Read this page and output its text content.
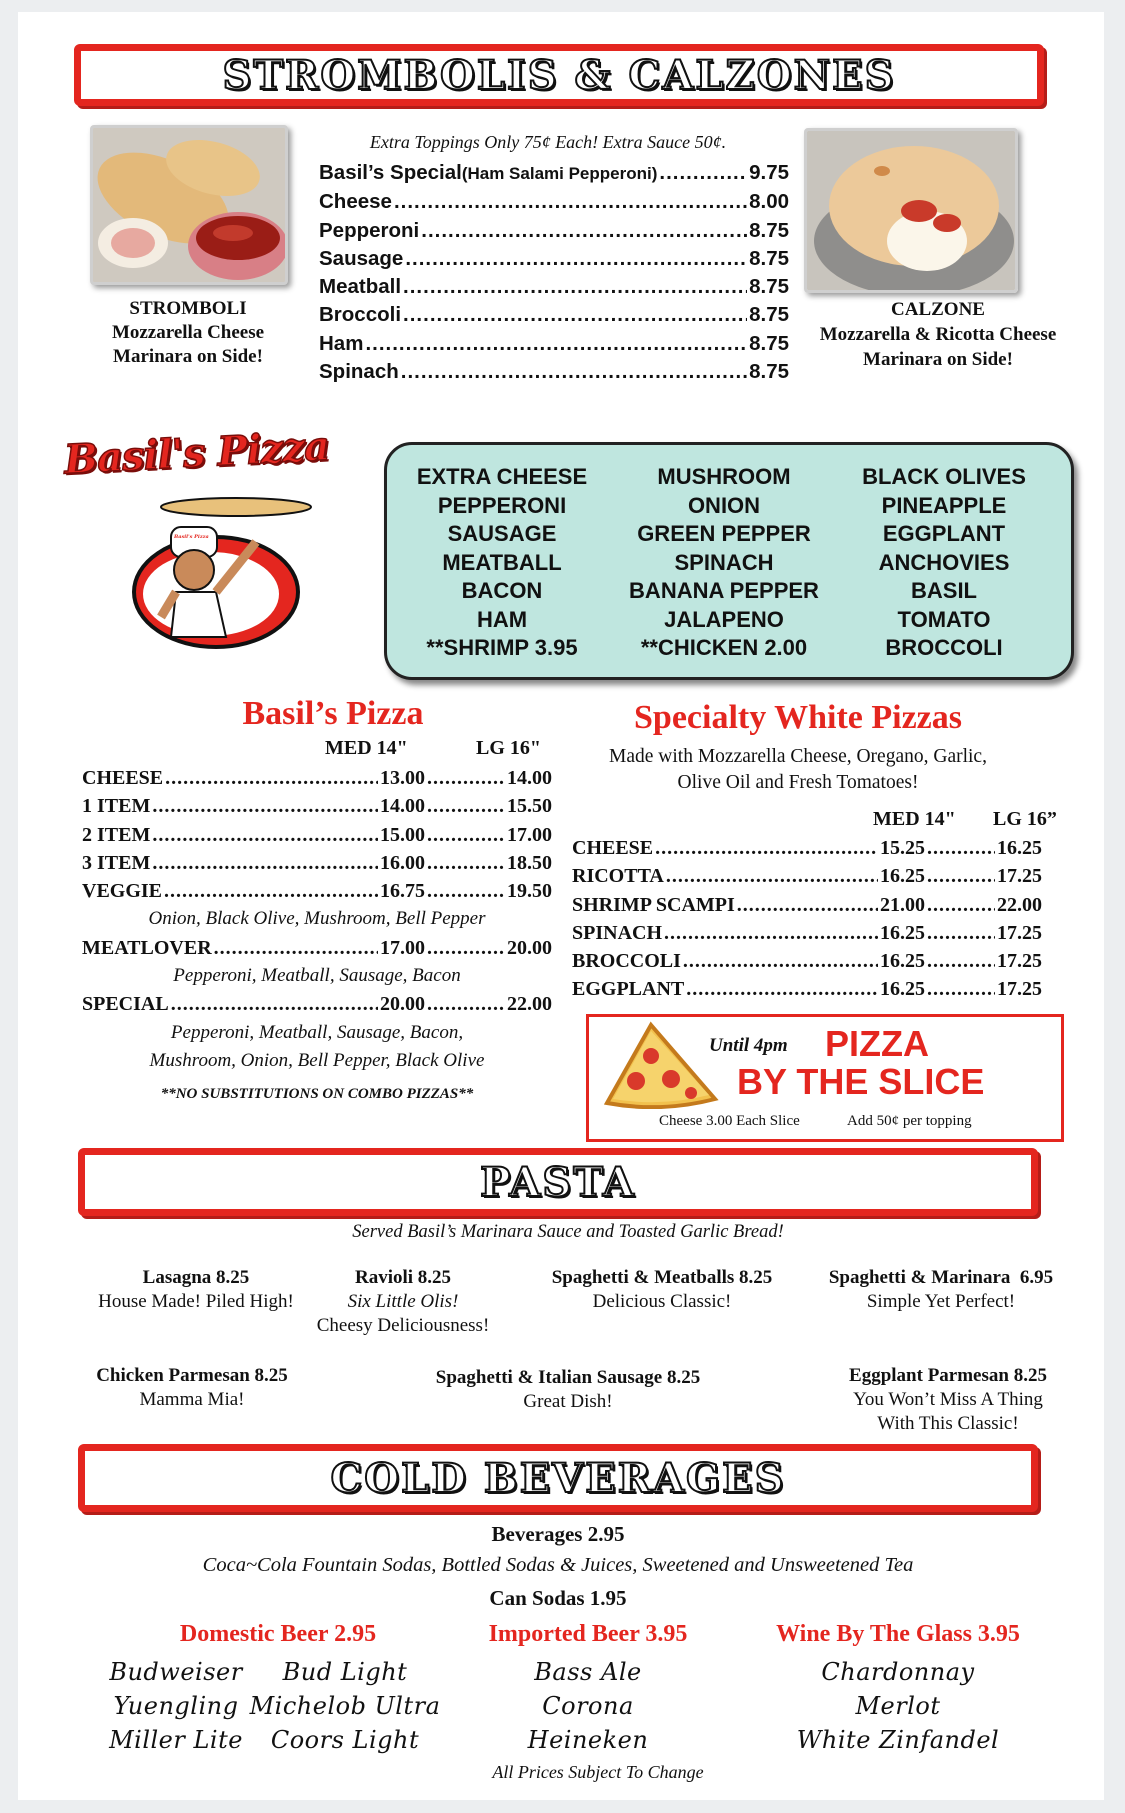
STROMBOLIS & CALZONES
STROMBOLI
Mozzarella Cheese
Marinara on Side!
CALZONE
Mozzarella & Ricotta Cheese
Marinara on Side!
Extra Toppings Only 75¢ Each! Extra Sauce 50¢.
Basil’s Special (Ham Salami Pepperoni) .....	9.75
Cheese .....	8.00
Pepperoni .....	8.75
Sausage .....	8.75
Meatball .....	8.75
Broccoli .....	8.75
Ham .....	8.75
Spinach .....	8.75
Basil's Pizza
Basil's Pizza
EXTRA CHEESE
PEPPERONI
SAUSAGE
MEATBALL
BACON
HAM
**SHRIMP 3.95
MUSHROOM
ONION
GREEN PEPPER
SPINACH
BANANA PEPPER
JALAPENO
**CHICKEN 2.00
BLACK OLIVES
PINEAPPLE
EGGPLANT
ANCHOVIES
BASIL
TOMATO
BROCCOLI
Basil’s Pizza
MED 14"	LG 16"
CHEESE .....	13.00 .....	14.00
1 ITEM .....	14.00 .....	15.50
2 ITEM .....	15.00 .....	17.00
3 ITEM .....	16.00 .....	18.50
VEGGIE .....	16.75 .....	19.50
Onion, Black Olive, Mushroom, Bell Pepper
MEATLOVER .....	17.00 .....	20.00
Pepperoni, Meatball, Sausage, Bacon
SPECIAL .....	20.00 .....	22.00
Pepperoni, Meatball, Sausage, Bacon,
Mushroom, Onion, Bell Pepper, Black Olive
**NO SUBSTITUTIONS ON COMBO PIZZAS**
Specialty White Pizzas
Made with Mozzarella Cheese, Oregano, Garlic,
Olive Oil and Fresh Tomatoes!
MED 14" LG 16”
CHEESE .....	15.25 .....	16.25
RICOTTA .....	16.25 .....	17.25
SHRIMP SCAMPI .....	21.00 .....	22.00
SPINACH .....	16.25 .....	17.25
BROCCOLI .....	16.25 .....	17.25
EGGPLANT .....	16.25 .....	17.25
Until 4pm PIZZA
BY THE SLICE
Cheese 3.00 Each Slice	Add 50¢ per topping
PASTA
Served Basil’s Marinara Sauce and Toasted Garlic Bread!
Lasagna 8.25
House Made! Piled High!
Ravioli 8.25
Six Little Olis!
Cheesy Deliciousness!
Spaghetti & Meatballs 8.25
Delicious Classic!
Spaghetti & Marinara  6.95
Simple Yet Perfect!
Chicken Parmesan 8.25
Mamma Mia!
Spaghetti & Italian Sausage 8.25
Great Dish!
Eggplant Parmesan 8.25
You Won’t Miss A Thing
With This Classic!
COLD BEVERAGES
Beverages 2.95
Coca~Cola Fountain Sodas, Bottled Sodas & Juices, Sweetened and Unsweetened Tea
Can Sodas 1.95
Domestic Beer 2.95
Budweiser
Yuengling
Miller Lite
Bud Light
Michelob Ultra
Coors Light
Imported Beer 3.95
Bass Ale
Corona
Heineken
Wine By The Glass 3.95
Chardonnay
Merlot
White Zinfandel
All Prices Subject To Change
